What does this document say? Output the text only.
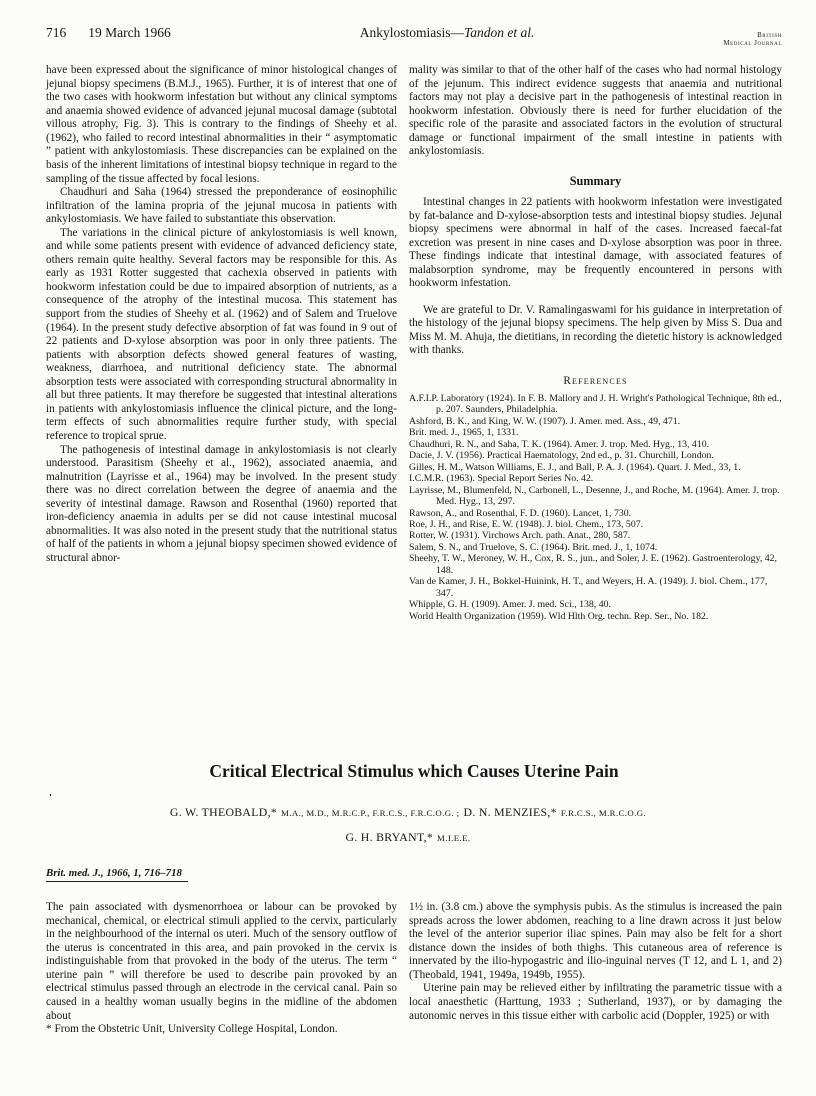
716 19 March 1966	Ankylostomiasis—Tandon et al.	British
Medical Journal

have been expressed about the significance of minor histological changes of jejunal biopsy specimens (B.M.J., 1965). Further, it is of interest that one of the two cases with hookworm infestation but without any clinical symptoms and anaemia showed evidence of advanced jejunal mucosal damage (subtotal villous atrophy, Fig. 3). This is contrary to the findings of Sheehy et al. (1962), who failed to record intestinal abnormalities in their “ asymptomatic ” patient with ankylostomiasis. These discrepancies can be explained on the basis of the inherent limitations of intestinal biopsy technique in regard to the sampling of the tissue affected by focal lesions.

Chaudhuri and Saha (1964) stressed the preponderance of eosinophilic infiltration of the lamina propria of the jejunal mucosa in patients with ankylostomiasis. We have failed to substantiate this observation.

The variations in the clinical picture of ankylostomiasis is well known, and while some patients present with evidence of advanced deficiency state, others remain quite healthy. Several factors may be responsible for this. As early as 1931 Rotter suggested that cachexia observed in patients with hookworm infestation could be due to impaired absorption of nutrients, as a consequence of the atrophy of the intestinal mucosa. This statement has support from the studies of Sheehy et al. (1962) and of Salem and Truelove (1964). In the present study defective absorption of fat was found in 9 out of 22 patients and D-xylose absorption was poor in only three patients. The patients with absorption defects showed general features of wasting, weakness, diarrhoea, and nutritional deficiency state. The abnormal absorption tests were associated with corresponding structural abnormality in all but three patients. It may therefore be suggested that intestinal alterations in patients with ankylostomiasis influence the clinical picture, and the long-term effects of such abnormalities require further study, with special reference to tropical sprue.

The pathogenesis of intestinal damage in ankylostomiasis is not clearly understood. Parasitism (Sheehy et al., 1962), associated anaemia, and malnutrition (Layrisse et al., 1964) may be involved. In the present study there was no direct correlation between the degree of anaemia and the severity of intestinal damage. Rawson and Rosenthal (1960) reported that iron-deficiency anaemia in adults per se did not cause intestinal mucosal abnormalities. It was also noted in the present study that the nutritional status of half of the patients in whom a jejunal biopsy specimen showed evidence of structural abnor-

mality was similar to that of the other half of the cases who had normal histology of the jejunum. This indirect evidence suggests that anaemia and nutritional factors may not play a decisive part in the pathogenesis of intestinal reaction in hookworm infestation. Obviously there is need for further elucidation of the specific role of the parasite and associated factors in the evolution of structural damage or functional impairment of the small intestine in patients with ankylostomiasis.

Summary

Intestinal changes in 22 patients with hookworm infestation were investigated by fat-balance and D-xylose-absorption tests and intestinal biopsy studies. Jejunal biopsy specimens were abnormal in half of the cases. Increased faecal-fat excretion was present in nine cases and D-xylose absorption was poor in three. These findings indicate that intestinal damage, with associated features of malabsorption syndrome, may be frequently encountered in persons with hookworm infestation.

We are grateful to Dr. V. Ramalingaswami for his guidance in interpretation of the histology of the jejunal biopsy specimens. The help given by Miss S. Dua and Miss M. M. Ahuja, the dietitians, in recording the dietetic history is acknowledged with thanks.

References

A.F.I.P. Laboratory (1924). In F. B. Mallory and J. H. Wright's Pathological Technique, 8th ed., p. 207. Saunders, Philadelphia.

Ashford, B. K., and King, W. W. (1907). J. Amer. med. Ass., 49, 471.

Brit. med. J., 1965, 1, 1331.

Chaudhuri, R. N., and Saha, T. K. (1964). Amer. J. trop. Med. Hyg., 13, 410.

Dacie, J. V. (1956). Practical Haematology, 2nd ed., p. 31. Churchill, London.

Gilles, H. M., Watson Williams, E. J., and Ball, P. A. J. (1964). Quart. J. Med., 33, 1.

I.C.M.R. (1963). Special Report Series No. 42.

Layrisse, M., Blumenfeld, N., Carbonell, L., Desenne, J., and Roche, M. (1964). Amer. J. trop. Med. Hyg., 13, 297.

Rawson, A., and Rosenthal, F. D. (1960). Lancet, 1, 730.

Roe, J. H., and Rise, E. W. (1948). J. biol. Chem., 173, 507.

Rotter, W. (1931). Virchows Arch. path. Anat., 280, 587.

Salem, S. N., and Truelove, S. C. (1964). Brit. med. J., 1, 1074.

Sheehy, T. W., Meroney, W. H., Cox, R. S., jun., and Soler, J. E. (1962). Gastroenterology, 42, 148.

Van de Kamer, J. H., Bokkel-Huinink, H. T., and Weyers, H. A. (1949). J. biol. Chem., 177, 347.

Whipple, G. H. (1909). Amer. J. med. Sci., 138, 40.

World Health Organization (1959). Wld Hlth Org. techn. Rep. Ser., No. 182.

Critical Electrical Stimulus which Causes Uterine Pain
'
G. W. THEOBALD,* M.A., M.D., M.R.C.P., F.R.C.S., F.R.C.O.G. ; D. N. MENZIES,* F.R.C.S., M.R.C.O.G.
G. H. BRYANT,* M.I.E.E.
Brit. med. J., 1966, 1, 716–718

The pain associated with dysmenorrhoea or labour can be provoked by mechanical, chemical, or electrical stimuli applied to the cervix, particularly in the neighbourhood of the internal os uteri. Much of the sensory outflow of the uterus is concentrated in this area, and pain provoked in the cervix is indistinguishable from that provoked in the body of the uterus. The term “ uterine pain ” will therefore be used to describe pain provoked by an electrical stimulus passed through an electrode in the cervical canal. Pain so caused in a healthy woman usually begins in the midline of the abdomen about

* From the Obstetric Unit, University College Hospital, London.

1½ in. (3.8 cm.) above the symphysis pubis. As the stimulus is increased the pain spreads across the lower abdomen, reaching to a line drawn across it just below the level of the anterior superior iliac spines. Pain may also be felt for a short distance down the insides of both thighs. This cutaneous area of reference is innervated by the ilio-hypogastric and ilio-inguinal nerves (T 12, and L 1, and 2) (Theobald, 1941, 1949a, 1949b, 1955).

Uterine pain may be relieved either by infiltrating the parametric tissue with a local anaesthetic (Harttung, 1933 ; Sutherland, 1937), or by damaging the autonomic nerves in this tissue either with carbolic acid (Doppler, 1925) or with
